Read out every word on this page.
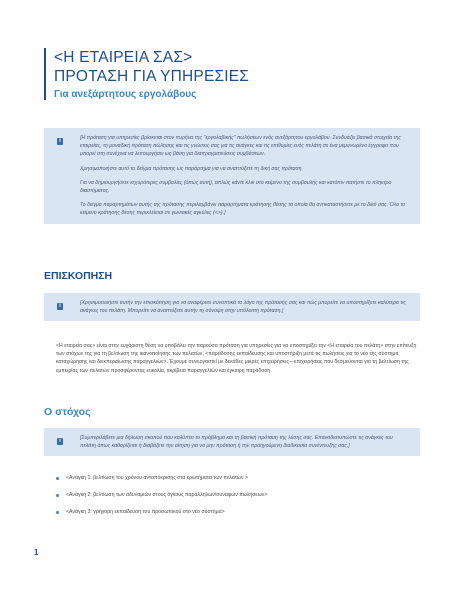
<Η ΕΤΑΙΡΕΙΑ ΣΑΣ>
ΠΡΟΤΑΣΗ ΓΙΑ ΥΠΗΡΕΣΙΕΣ
Για ανεξάρτητους εργολάβους
i	[Η πρόταση για υπηρεσίες βρίσκεται στον πυρήνα της "εργολαβικής" πωλήσεων ενός ανεξάρτητου εργολάβου. Συνδυάζει βασικά στοιχεία της εταιρείας, τη μοναδική πρόταση πώλησης και τις γνώσεις σας για τις ανάγκες και τις επιθυμίες ενός πελάτη σε ένα μεμονωμένο έγγραφο που μπορεί στη συνέχεια να λειτουργήσει ως βάση για διαπραγματεύσεις συμβάσεων.

Χρησιμοποιήστε αυτό το δείγμα πρότασης ως παράρτημα για να αναπτύξετε τη δική σας πρόταση.

Για να δημιουργήσετε ισχυρότερες συμβολίες (όπως αυτή), απλώς κάντε κλικ στο κείμενο της συμβουλής και κατόπιν πατήστε το πλήκτρο διαστήματος.

Το δείγμα παραρτημάτων αυτής της πρότασης περιλαμβάνει παραρτήματα κράτησης θέσης τα οποία θα αντικαταστήσετε με το δικό σας. Όλο το κείμενο κράτησης θέσης περικλείεται σε γωνιακές αγκύλες (<>).]

ΕΠΙΣΚΟΠΗΣΗ
i	[Χρησιμοποιήστε αυτήν την επισκόπηση για να αναφέρετε συνοπτικά το λόγο της πρότασής σας και πώς μπορείτε να υποστηρίξετε καλύτερα τις ανάγκες του πελάτη. Μπορείτε να αναπτύξετε αυτήν τη σύνοψη στην υπόλοιπη πρόταση.]

<Η εταιρεία σας> είναι στην ευχάριστη θέση να υποβάλει την παρούσα πρόταση για υπηρεσίες για να υποστηρίξει την <Η εταιρεία του πελάτη> στην επίτευξη των στόχων της για τη βελτίωση της ικανοποίησης των πελατών, <παράδοσης εκπαίδευσης και υποστήριξη μετά τις πωλήσεις για το νέο της σύστημα καταχώρησης και διεκπεραίωσης παραγγελιών>. Έχουμε συνεργαστεί με δεκάδες μικρές επιχειρήσεις—επιχειρήσεις που δεσμεύονται για τη βελτίωση της εμπειρίας των πελατών προσφέροντας ευκολία, ακρίβεια παραγγελιών και έγκαιρη παράδοση.
Ο στόχος
i	[Συμπεριλάβετε μια δήλωση σκοπού που καλύπτει το πρόβλημα και τη βασική πρόταση της λύσης σας. Επαναδιατυπώστε τις ανάγκες του πελάτη όπως καθορίζεται ή διαβάζετε την αίτηση για να μην πρόταση ή την προηγούμενη διαδικασία συνέντευξης σας.]

<Ανάγκη 1: βελτίωση του χρόνου ανταπόκρισης στα ερωτήματα των πελατών >
<Ανάγκη 2: βελτίωση των αδυναμιών στους όγκους παράλληλων/συναφών πωλήσεων>
<Ανάγκη 3: γρήγορη εκπαίδευση του προσωπικού στο νέο σύστημα>
1
